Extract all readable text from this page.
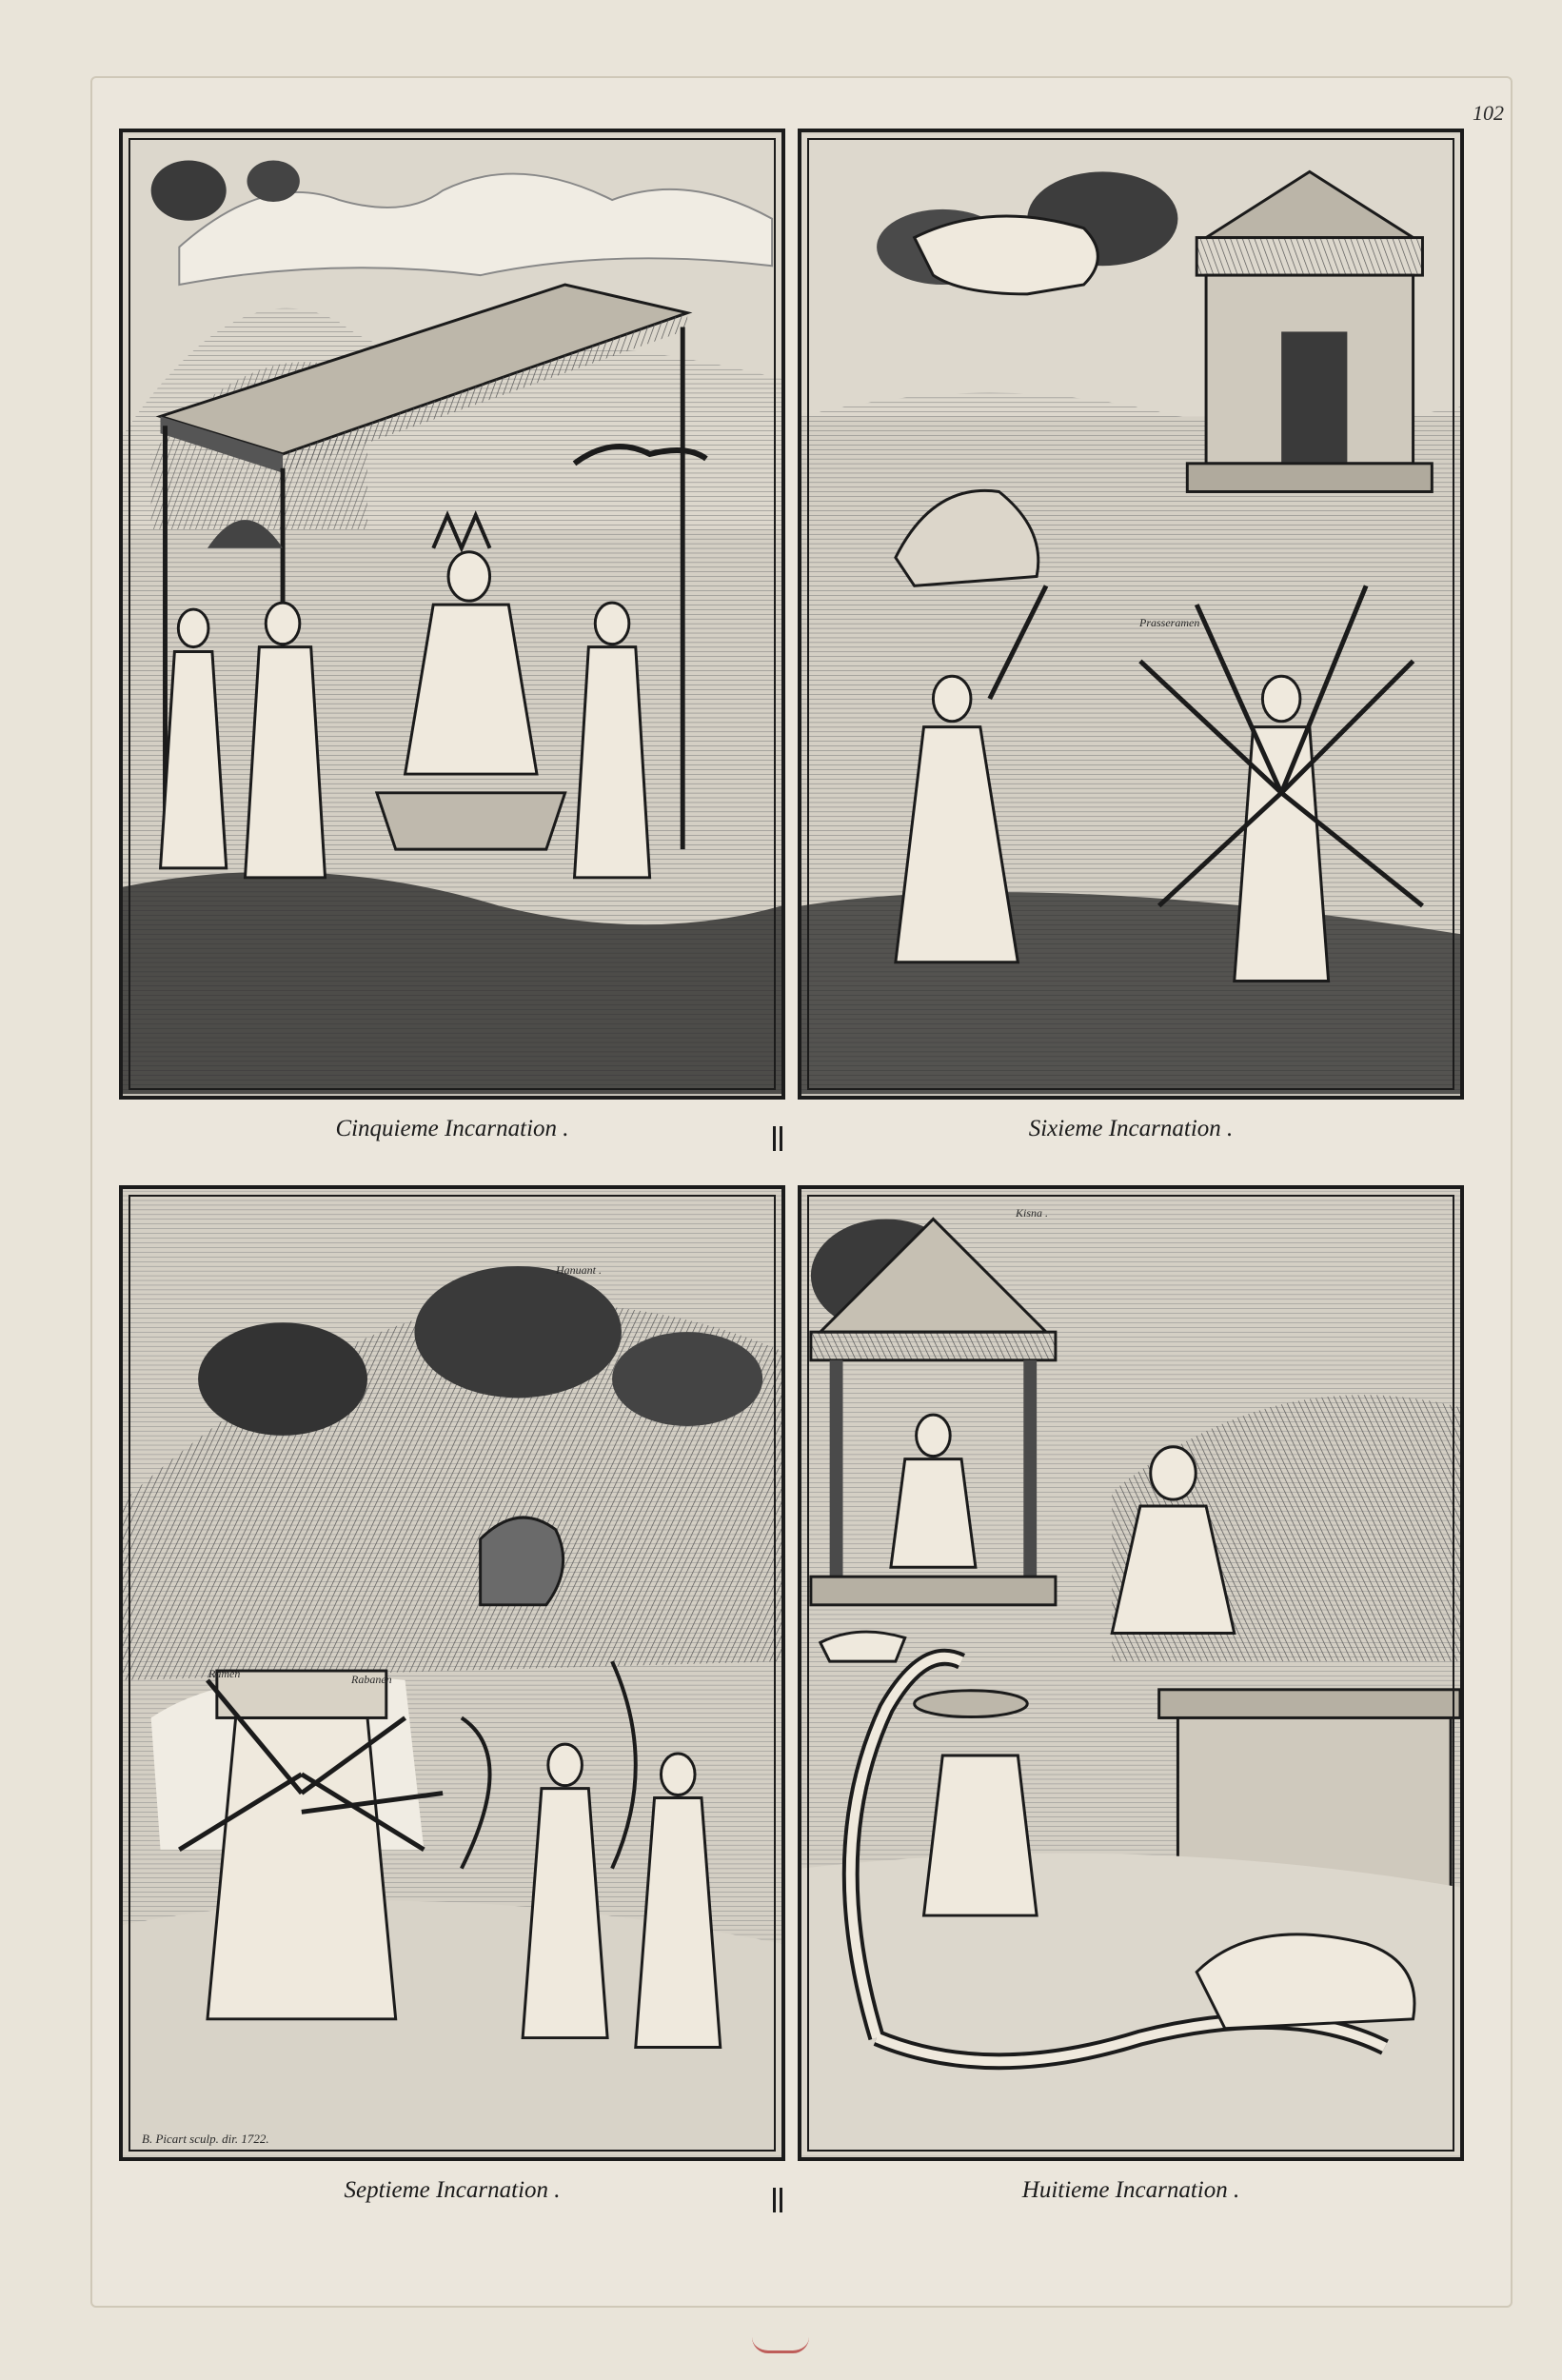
102
Cinquieme Incarnation .
Prasseramen
Sixieme Incarnation .
Hanuant .
Ramen	Rabanen
B. Picart sculp. dir. 1722.
Septieme Incarnation .
Kisna .
Huitieme Incarnation .
